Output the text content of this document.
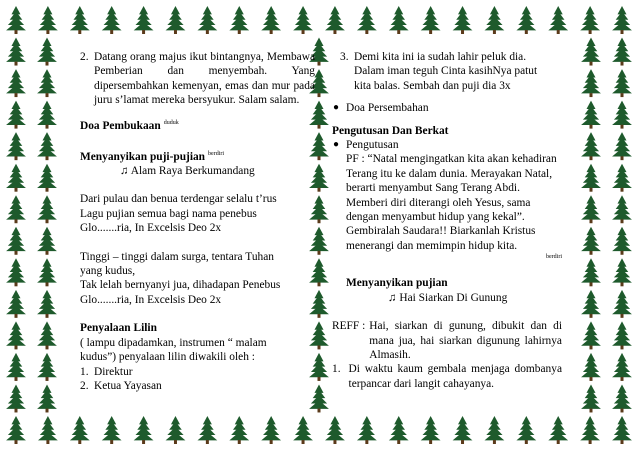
2. Datang orang majus ikut bintangnya, Membawa Pemberian dan menyembah. Yang dipersembahkan kemenyan, emas dan mur pada juru s’lamat mereka bersyukur. Salam salam.

Doa Pembukaan $^{duduk}$

Menyanyikan puji-pujian $^{berdiri}$

♫ Alam Raya Berkumandang

Dari pulau dan benua terdengar selalu t’rus

Lagu pujian semua bagi nama penebus

Glo.......ria, In Excelsis Deo 2x

Tinggi – tinggi dalam surga, tentara Tuhan

yang kudus,

Tak lelah bernyanyi jua, dihadapan Penebus

Glo.......ria, In Excelsis Deo 2x

Penyalaan Lilin

( lampu dipadamkan, instrumen “ malam

kudus”) penyalaan lilin diwakili oleh :

1. Direktur
2. Ketua Yayasan
3. Demi kita ini ia sudah lahir peluk dia.

Dalam iman teguh Cinta kasihNya patut

kita balas. Sembah dan puji dia 3x

● Doa Persembahan

Pengutusan Dan Berkat

● Pengutusan

PF : “Natal mengingatkan kita akan kehadiran Terang itu ke dalam dunia. Merayakan Natal, berarti menyambut Sang Terang Abdi. Memberi diri diterangi oleh Yesus, sama dengan menyambut hidup yang kekal”. Gembiralah Saudara!! Biarkanlah Kristus menerangi dan memimpin hidup kita.

berdiri

Menyanyikan pujian

♫ Hai Siarkan Di Gunung

REFF : Hai, siarkan di gunung, dibukit dan di mana jua, hai siarkan digunung lahirnya Almasih.
1. Di waktu kaum gembala menjaga dombanya terpancar dari langit cahayanya.
